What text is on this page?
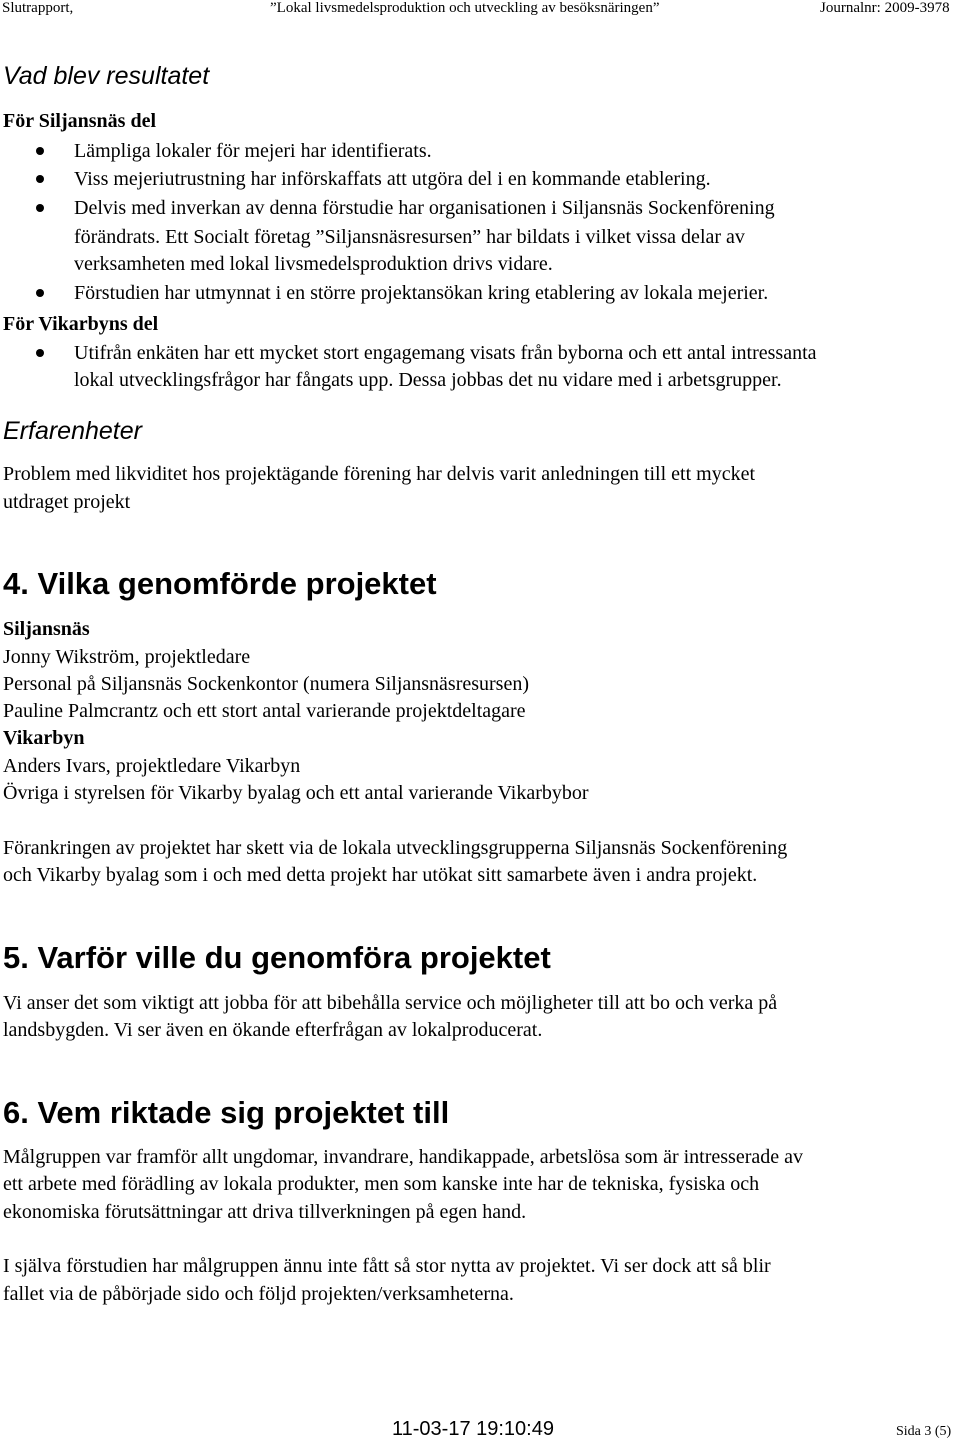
Slutrapport,	”Lokal livsmedelsproduktion och utveckling av besöksnäringen”	Journalnr: 2009-3978
Vad blev resultatet
För Siljansnäs del
Lämpliga lokaler för mejeri har identifierats.
Viss mejeriutrustning har införskaffats att utgöra del i en kommande etablering.
Delvis med inverkan av denna förstudie har organisationen i Siljansnäs Sockenförening
förändrats. Ett Socialt företag ”Siljansnäsresursen” har bildats i vilket vissa delar av
verksamheten med lokal livsmedelsproduktion drivs vidare.
Förstudien har utmynnat i en större projektansökan kring etablering av lokala mejerier.
För Vikarbyns del
Utifrån enkäten har ett mycket stort engagemang visats från byborna och ett antal intressanta
lokal utvecklingsfrågor har fångats upp. Dessa jobbas det nu vidare med i arbetsgrupper.
Erfarenheter
Problem med likviditet hos projektägande förening har delvis varit anledningen till ett mycket
utdraget projekt
4. Vilka genomförde projektet
Siljansnäs
Jonny Wikström, projektledare
Personal på Siljansnäs Sockenkontor (numera Siljansnäsresursen)
Pauline Palmcrantz och ett stort antal varierande projektdeltagare
Vikarbyn
Anders Ivars, projektledare Vikarbyn
Övriga i styrelsen för Vikarby byalag och ett antal varierande Vikarbybor
Förankringen av projektet har skett via de lokala utvecklingsgrupperna Siljansnäs Sockenförening
och Vikarby byalag som i och med detta projekt har utökat sitt samarbete även i andra projekt.
5. Varför ville du genomföra projektet
Vi anser det som viktigt att jobba för att bibehålla service och möjligheter till att bo och verka på
landsbygden. Vi ser även en ökande efterfrågan av lokalproducerat.
6. Vem riktade sig projektet till
Målgruppen var framför allt ungdomar, invandrare, handikappade, arbetslösa som är intresserade av
ett arbete med förädling av lokala produkter, men som kanske inte har de tekniska, fysiska och
ekonomiska förutsättningar att driva tillverkningen på egen hand.
I själva förstudien har målgruppen ännu inte fått så stor nytta av projektet. Vi ser dock att så blir
fallet via de påbörjade sido och följd projekten/verksamheterna.
11-03-17 19:10:49	Sida 3 (5)
